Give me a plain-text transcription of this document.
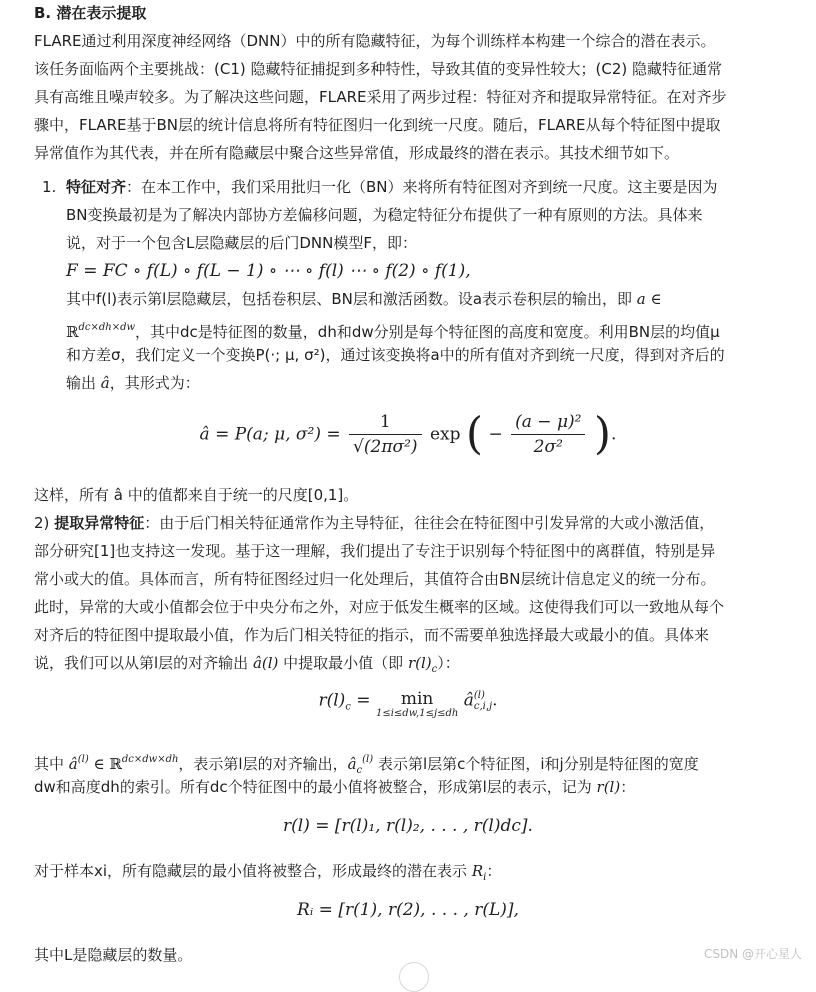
B. 潜在表示提取
FLARE通过利用深度神经网络（DNN）中的所有隐藏特征，为每个训练样本构建一个综合的潜在表示。
该任务面临两个主要挑战：(C1) 隐藏特征捕捉到多种特性，导致其值的变异性较大；(C2) 隐藏特征通常
具有高维且噪声较多。为了解决这些问题，FLARE采用了两步过程：特征对齐和提取异常特征。在对齐步
骤中，FLARE基于BN层的统计信息将所有特征图归一化到统一尺度。随后，FLARE从每个特征图中提取
异常值作为其代表，并在所有隐藏层中聚合这些异常值，形成最终的潜在表示。其技术细节如下。
1. 特征对齐：在本工作中，我们采用批归一化（BN）来将所有特征图对齐到统一尺度。这主要是因为
BN变换最初是为了解决内部协方差偏移问题，为稳定特征分布提供了一种有原则的方法。具体来
说，对于一个包含L层隐藏层的后门DNN模型F，即：
F = FC ∘ f(L) ∘ f(L − 1) ∘ ⋯ ∘ f(l) ⋯ ∘ f(2) ∘ f(1),
其中f(l)表示第l层隐藏层，包括卷积层、BN层和激活函数。设a表示卷积层的输出，即 a ∈
ℝ$^{dc\times dh\times dw}$，其中dc是特征图的数量，dh和dw分别是每个特征图的高度和宽度。利用BN层的均值μ
和方差σ，我们定义一个变换P(·; μ, σ²)，通过该变换将a中的所有值对齐到统一尺度，得到对齐后的
输出 â，其形式为：
â = P(a; μ, $\sigma^2) = \frac{1}{\text{√(2πσ²)}}$ exp ( − $\frac{\text{(a − μ)²}}{\text{2σ²}}$ ).
这样，所有 â 中的值都来自于统一的尺度[0,1]。
2) 提取异常特征：由于后门相关特征通常作为主导特征，往往会在特征图中引发异常的大或小激活值，
部分研究[1]也支持这一发现。基于这一理解，我们提出了专注于识别每个特征图中的离群值，特别是异
常小或大的值。具体而言，所有特征图经过归一化处理后，其值符合由BN层统计信息定义的统一分布。
此时，异常的大或小值都会位于中央分布之外，对应于低发生概率的区域。这使得我们可以一致地从每个
对齐后的特征图中提取最小值，作为后门相关特征的指示，而不需要单独选择最大或最小的值。具体来
说，我们可以从第l层的对齐输出 â(l) 中提取最小值（即 $r(l)_c$）：
$r(l)_c$ =	min
1≤i≤dw,1≤j≤dh
â (l)
c,i,j .
其中 $â^{(l)}$ ∈ ℝ$^{dc\times dw\times dh}$，表示第l层的对齐输出，$â_c^{(l)}$ 表示第l层第c个特征图，i和j分别是特征图的宽度
dw和高度dh的索引。所有dc个特征图中的最小值将被整合，形成第l层的表示，记为 r(l)：
r(l) = [r(l)₁, r(l)₂, . . . , r(l)dc].
对于样本xi，所有隐藏层的最小值将被整合，形成最终的潜在表示 $R_i$：
Rᵢ = [r(1), r(2), . . . , r(L)],
其中L是隐藏层的数量。	CSDN @开心星人
